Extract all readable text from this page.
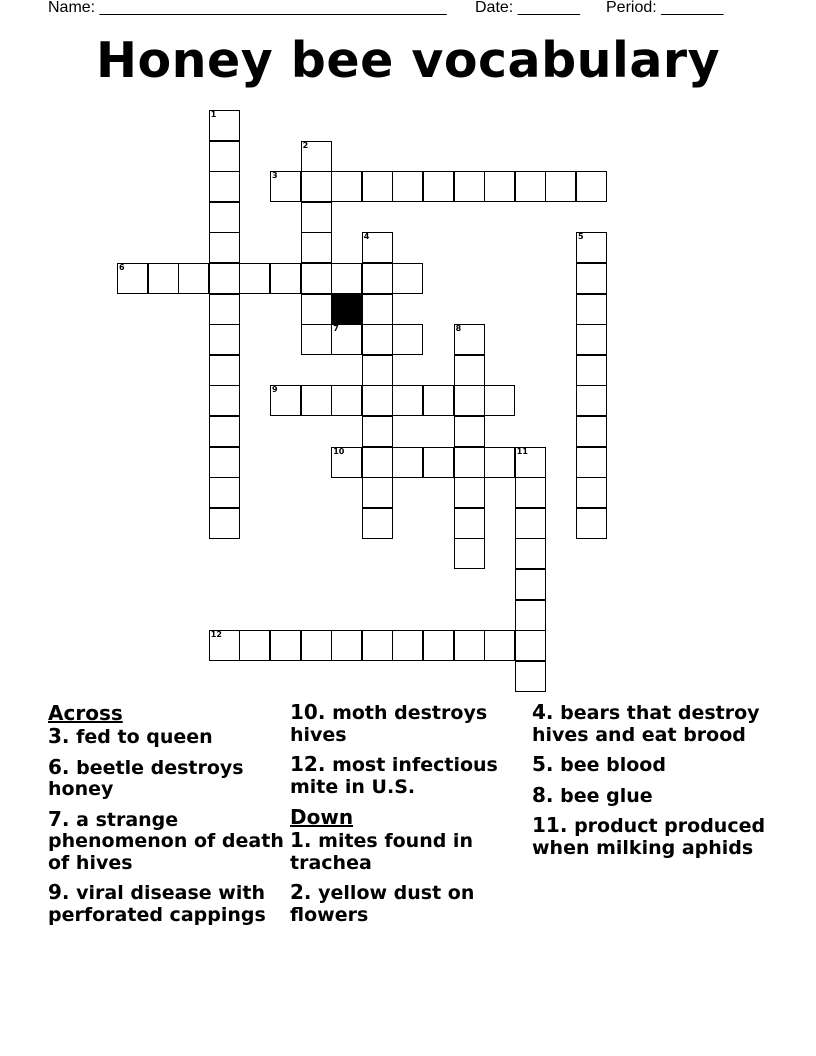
Name: _______________________________________ Date: _______ Period: _______
Honey bee vocabulary
1
2
3
4	5
6
7	8
9
10	11
12
Across
3. fed to queen
6. beetle destroys honey
7. a strange phenomenon of death of hives
9. viral disease with perforated cappings
10. moth destroys hives
12. most infectious mite in U.S.
Down
1. mites found in trachea
2. yellow dust on flowers
4. bears that destroy hives and eat brood
5. bee blood
8. bee glue
11. product produced when milking aphids
